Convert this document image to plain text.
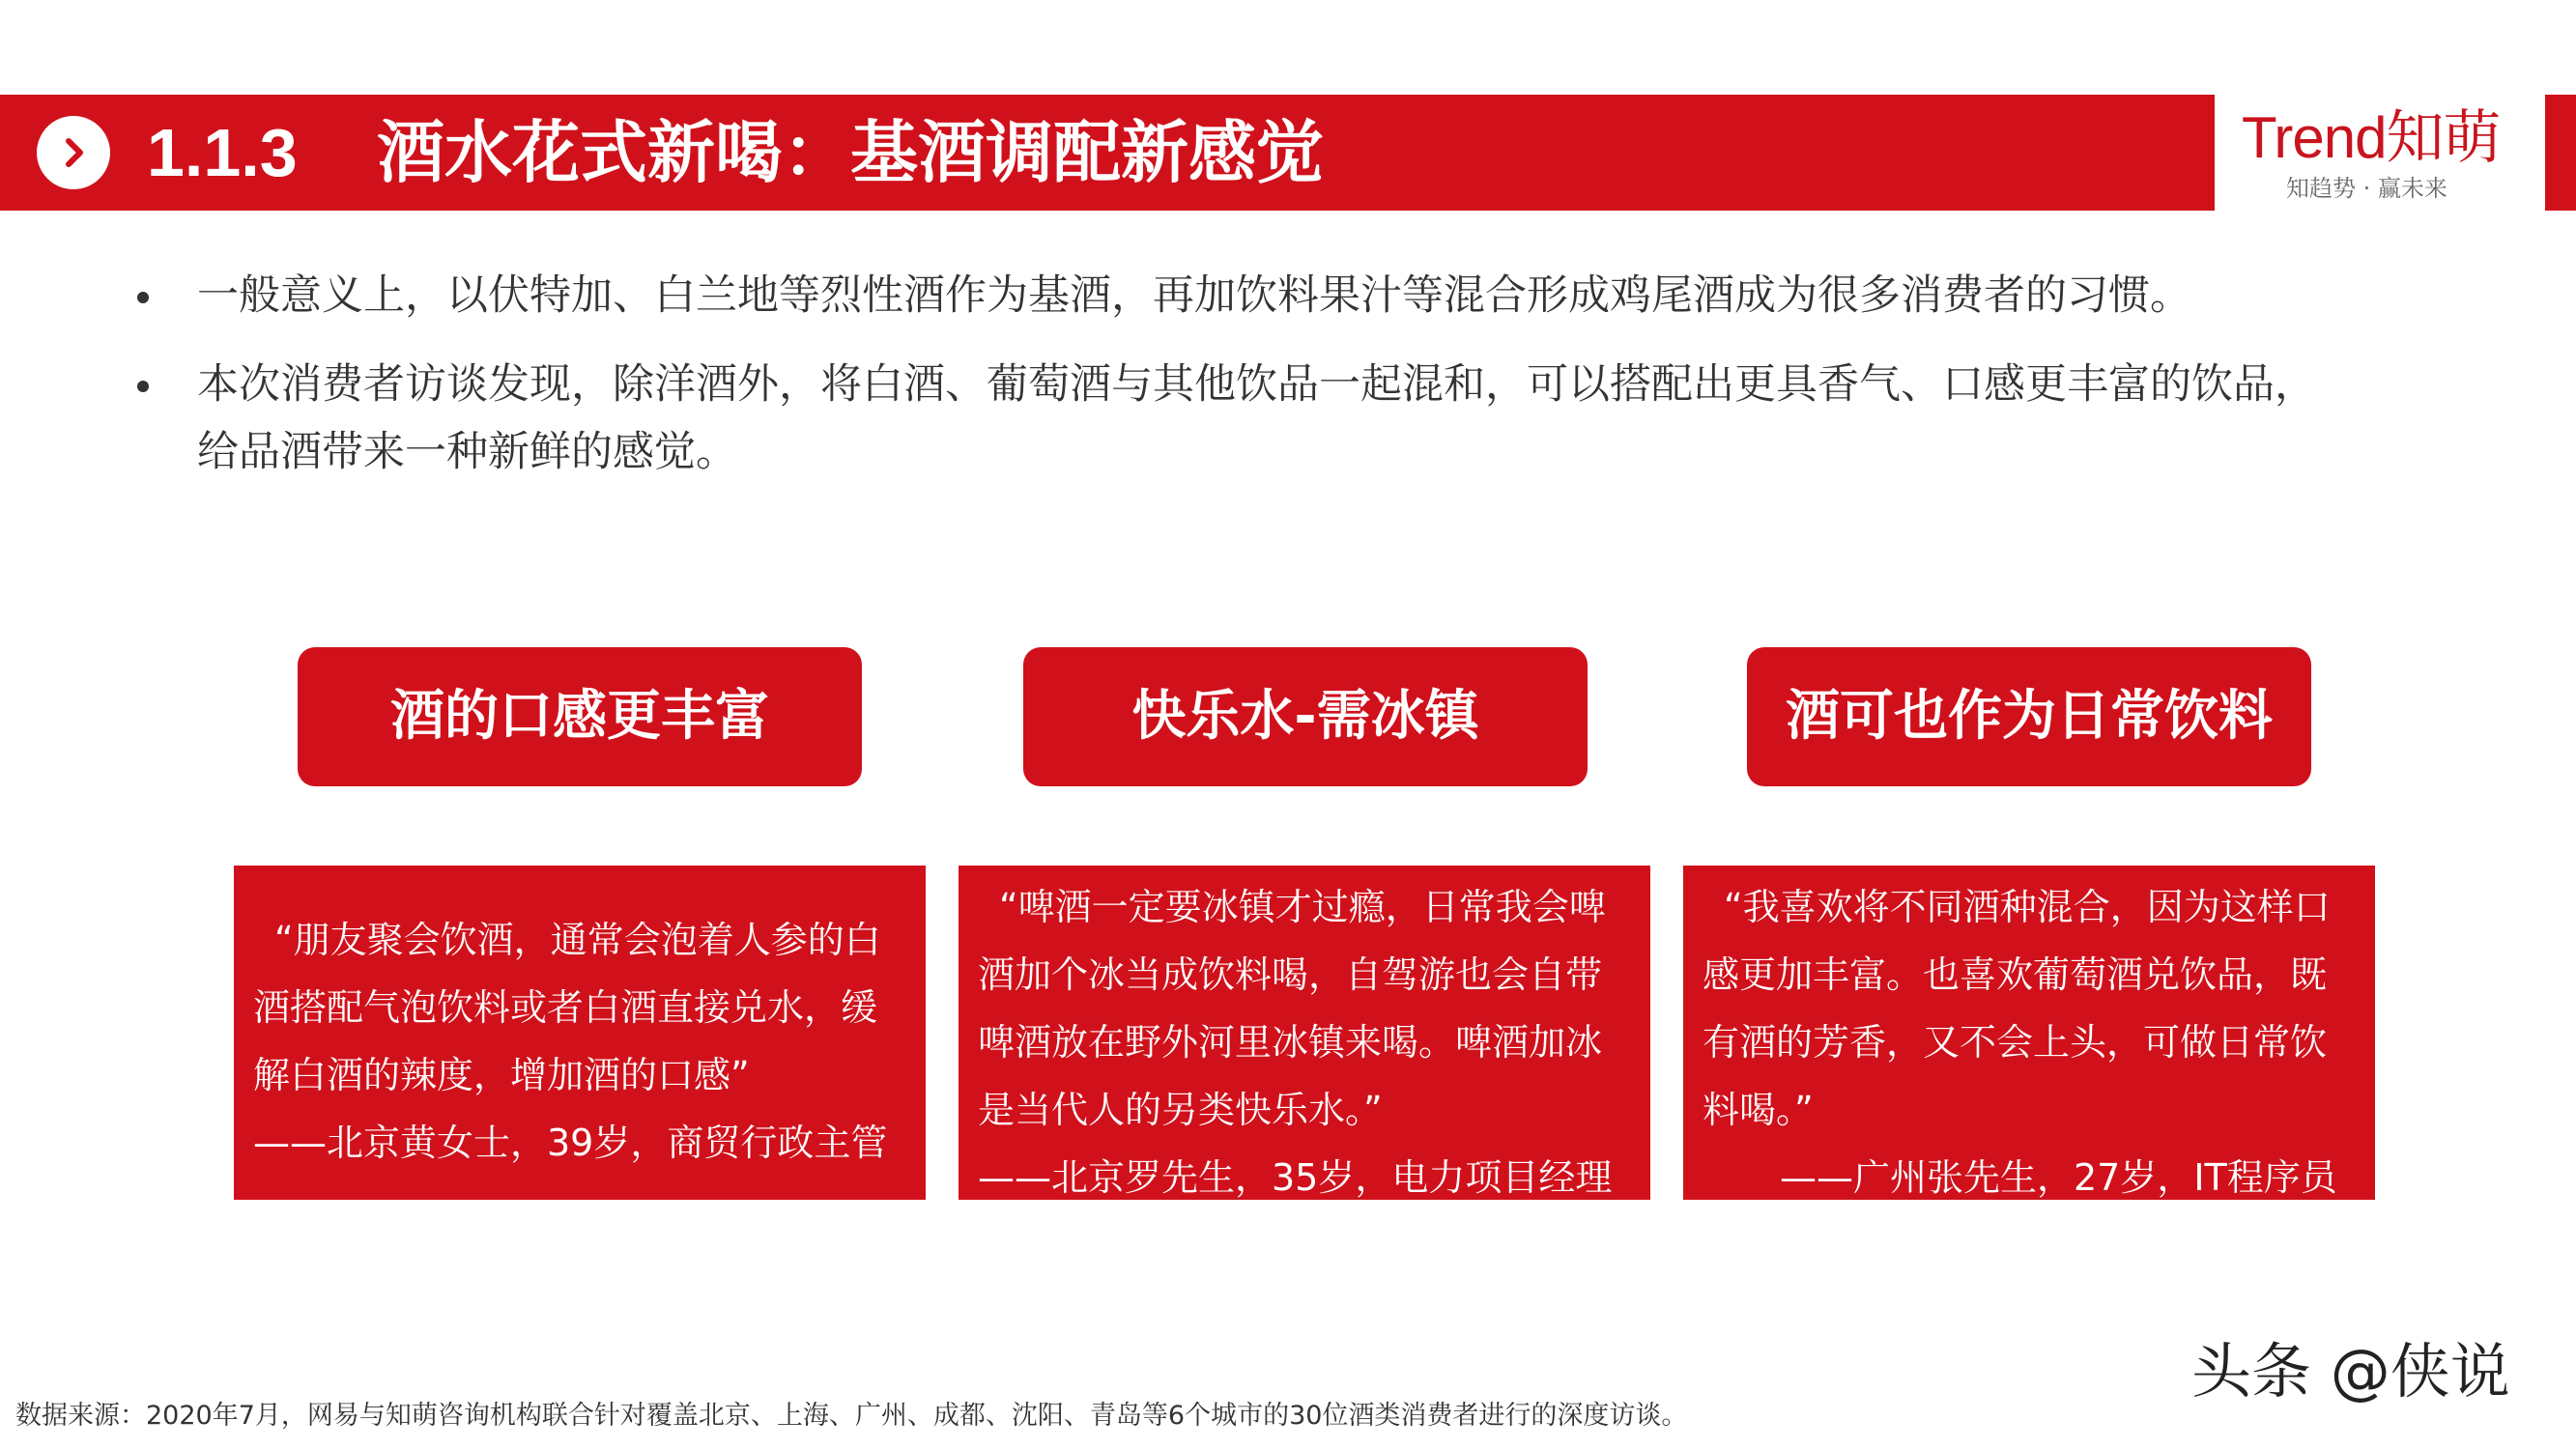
1.1.3 酒水花式新喝：基酒调配新感觉	Trend知萌
知趋势 · 赢未来
一般意义上，以伏特加、白兰地等烈性酒作为基酒，再加饮料果汁等混合形成鸡尾酒成为很多消费者的习惯。
本次消费者访谈发现，除洋酒外，将白酒、葡萄酒与其他饮品一起混和，可以搭配出更具香气、口感更丰富的饮品，
给品酒带来一种新鲜的感觉。
酒的口感更丰富	快乐水-需冰镇	酒可也作为日常饮料
“朋友聚会饮酒，通常会泡着人参的白
酒搭配气泡饮料或者白酒直接兑水，缓
解白酒的辣度，增加酒的口感”
——北京黄女士，39岁，商贸行政主管
“啤酒一定要冰镇才过瘾，日常我会啤
酒加个冰当成饮料喝，自驾游也会自带
啤酒放在野外河里冰镇来喝。啤酒加冰
是当代人的另类快乐水。”
——北京罗先生，35岁，电力项目经理
“我喜欢将不同酒种混合，因为这样口
感更加丰富。也喜欢葡萄酒兑饮品，既
有酒的芳香，又不会上头，可做日常饮
料喝。”
——广州张先生，27岁，IT程序员
数据来源：2020年7月，网易与知萌咨询机构联合针对覆盖北京、上海、广州、成都、沈阳、青岛等6个城市的30位酒类消费者进行的深度访谈。
头条 @侠说
